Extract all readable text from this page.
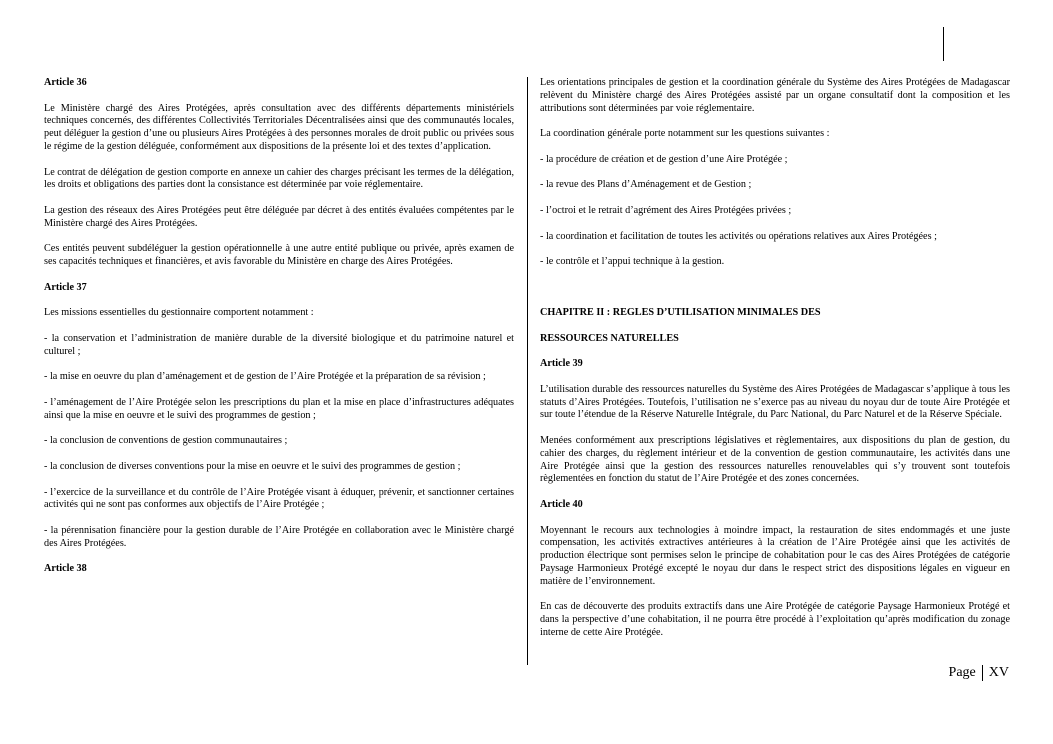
Article 36

Le Ministère chargé des Aires Protégées, après consultation avec des différents départements ministériels techniques concernés, des différentes Collectivités Territoriales Décentralisées ainsi que des communautés locales, peut déléguer la gestion d’une ou plusieurs Aires Protégées à des personnes morales de droit public ou privées sous le régime de la gestion déléguée, conformément aux dispositions de la présente loi et des textes d’application.

Le contrat de délégation de gestion comporte en annexe un cahier des charges précisant les termes de la délégation, les droits et obligations des parties dont la consistance est déterminée par voie réglementaire.

La gestion des réseaux des Aires Protégées peut être déléguée par décret à des entités évaluées compétentes par le Ministère chargé des Aires Protégées.

Ces entités peuvent subdéléguer la gestion opérationnelle à une autre entité publique ou privée, après examen de ses capacités techniques et financières, et avis favorable du Ministère en charge des Aires Protégées.

Article 37

Les missions essentielles du gestionnaire comportent notamment :

- la conservation et l’administration de manière durable de la diversité biologique et du patrimoine naturel et culturel ;

- la mise en oeuvre du plan d’aménagement et de gestion de l’Aire Protégée et la préparation de sa révision ;

- l’aménagement de l’Aire Protégée selon les prescriptions du plan et la mise en place d’infrastructures adéquates ainsi que la mise en oeuvre et le suivi des programmes de gestion ;

- la conclusion de conventions de gestion communautaires ;

- la conclusion de diverses conventions pour la mise en oeuvre et le suivi des programmes de gestion ;

- l’exercice de la surveillance et du contrôle de l’Aire Protégée visant à éduquer, prévenir, et sanctionner certaines activités qui ne sont pas conformes aux objectifs de l’Aire Protégée ;

- la pérennisation financière pour la gestion durable de l’Aire Protégée en collaboration avec le Ministère chargé des Aires Protégées.

Article 38

Les orientations principales de gestion et la coordination générale du Système des Aires Protégées de Madagascar relèvent du Ministère chargé des Aires Protégées assisté par un organe consultatif dont la composition et les attributions sont déterminées par voie réglementaire.

La coordination générale porte notamment sur les questions suivantes :

- la procédure de création et de gestion d’une Aire Protégée ;

- la revue des Plans d’Aménagement et de Gestion ;

- l’octroi et le retrait d’agrément des Aires Protégées privées ;

- la coordination et facilitation de toutes les activités ou opérations relatives aux Aires Protégées ;

- le contrôle et l’appui technique à la gestion.

CHAPITRE II : REGLES D’UTILISATION MINIMALES DES

RESSOURCES NATURELLES

Article 39

L’utilisation durable des ressources naturelles du Système des Aires Protégées de Madagascar s’applique à tous les statuts d’Aires Protégées. Toutefois, l’utilisation ne s’exerce pas au niveau du noyau dur de toute Aire Protégée et sur toute l’étendue de la Réserve Naturelle Intégrale, du Parc National, du Parc Naturel et de la Réserve Spéciale.

Menées conformément aux prescriptions législatives et règlementaires, aux dispositions du plan de gestion, du cahier des charges, du règlement intérieur et de la convention de gestion communautaire, les activités dans une Aire Protégée ainsi que la gestion des ressources naturelles renouvelables qui s’y trouvent sont toutefois règlementées en fonction du statut de l’Aire Protégée et des zones concernées.

Article 40

Moyennant le recours aux technologies à moindre impact, la restauration de sites endommagés et une juste compensation, les activités extractives antérieures à la création de l’Aire Protégée ainsi que les activités de production électrique sont permises selon le principe de cohabitation pour le cas des Aires Protégées de catégorie Paysage Harmonieux Protégé excepté le noyau dur dans le respect strict des dispositions légales en vigueur en matière de l’environnement.

En cas de découverte des produits extractifs dans une Aire Protégée de catégorie Paysage Harmonieux Protégé et dans la perspective d’une cohabitation, il ne pourra être procédé à l’exploitation qu’après modification du zonage interne de cette Aire Protégée.

Page XV
